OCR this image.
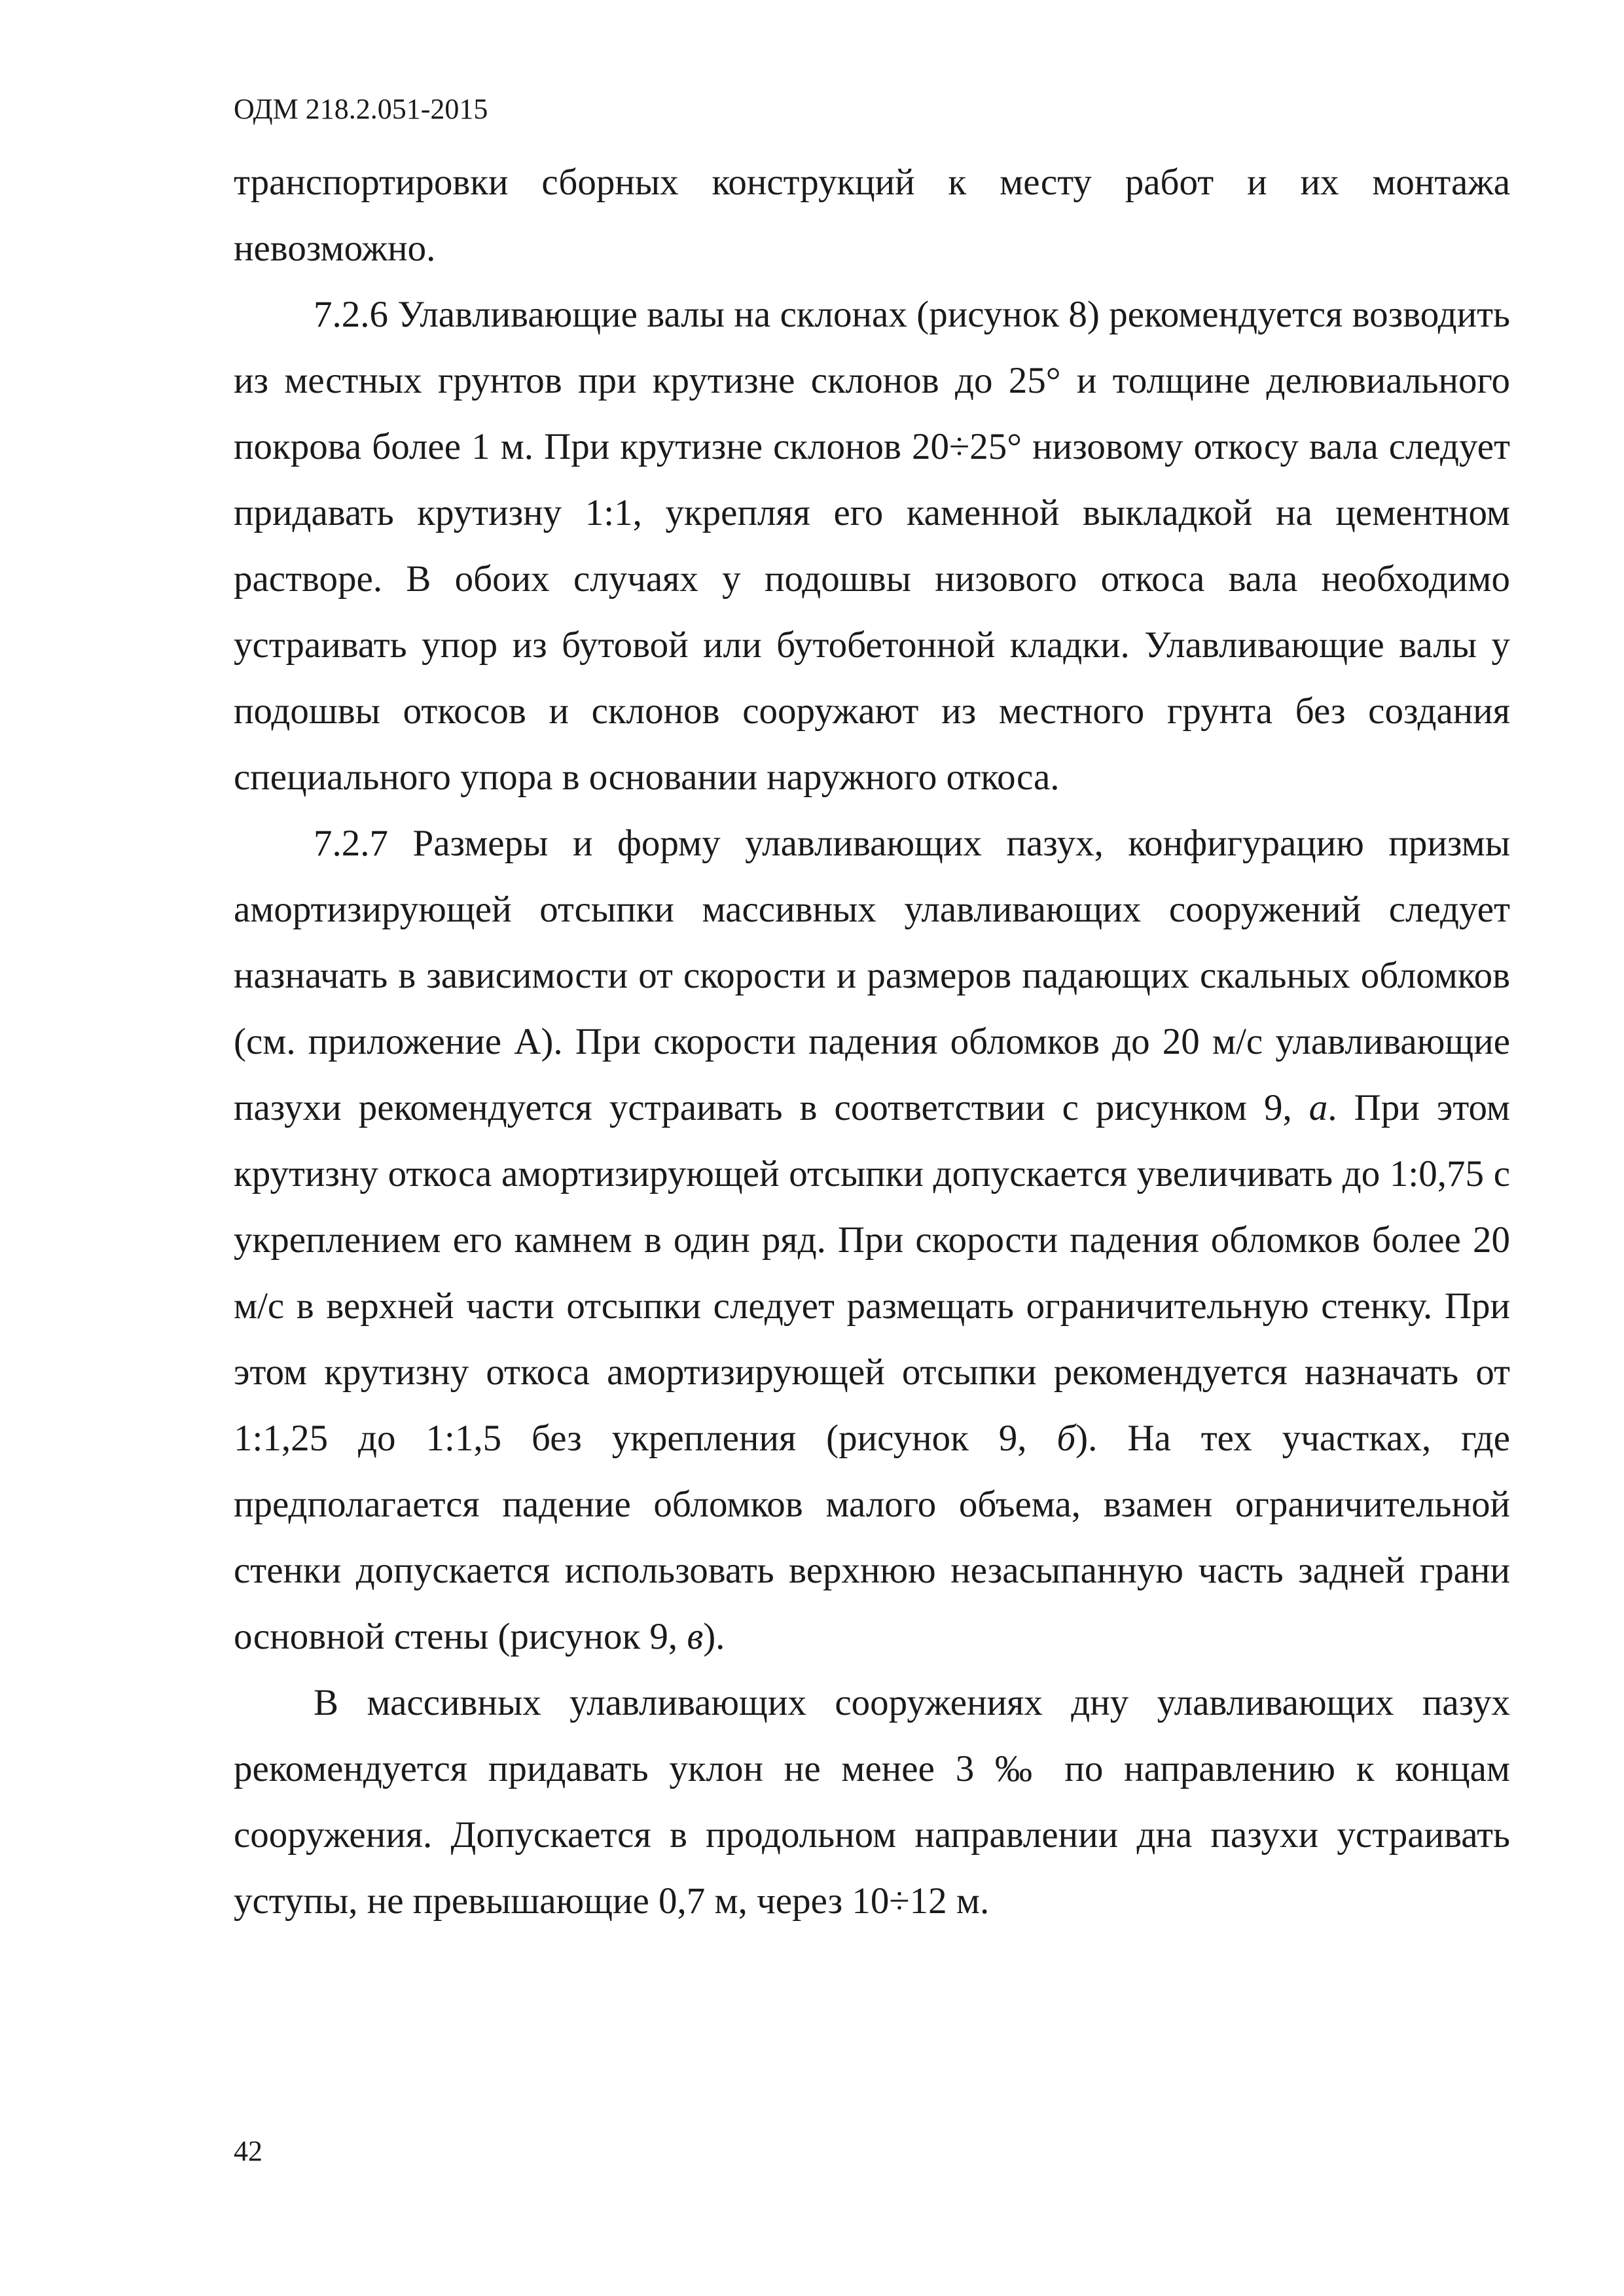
ОДМ 218.2.051-2015

транспортировки сборных конструкций к месту работ и их монтажа невозможно.

7.2.6 Улавливающие валы на склонах (рисунок 8) рекомендуется возводить из местных грунтов при крутизне склонов до 25° и толщине делювиального покрова более 1 м. При крутизне склонов 20÷25° низовому откосу вала следует придавать крутизну 1:1, укрепляя его каменной выкладкой на цементном растворе. В обоих случаях у подошвы низового откоса вала необходимо устраивать упор из бутовой или бутобетонной кладки. Улавливающие валы у подошвы откосов и склонов сооружают из местного грунта без создания специального упора в основании наружного откоса.

7.2.7 Размеры и форму улавливающих пазух, конфигурацию призмы амортизирующей отсыпки массивных улавливающих сооружений следует назначать в зависимости от скорости и размеров падающих скальных обломков (см. приложение А). При скорости падения обломков до 20 м/с улавливающие пазухи рекомендуется устраивать в соответствии с рисунком 9, а. При этом крутизну откоса амортизирующей отсыпки допускается увеличивать до 1:0,75 с укреплением его камнем в один ряд. При скорости падения обломков более 20 м/с в верхней части отсыпки следует размещать ограничительную стенку. При этом крутизну откоса амортизирующей отсыпки рекомендуется назначать от 1:1,25 до 1:1,5 без укрепления (рисунок 9, б). На тех участках, где предполагается падение обломков малого объема, взамен ограничительной стенки допускается использовать верхнюю незасыпанную часть задней грани основной стены (рисунок 9, в).

В массивных улавливающих сооружениях дну улавливающих пазух рекомендуется придавать уклон не менее 3 ‰ по направлению к концам сооружения. Допускается в продольном направлении дна пазухи устраивать уступы, не превышающие 0,7 м, через 10÷12 м.

42
